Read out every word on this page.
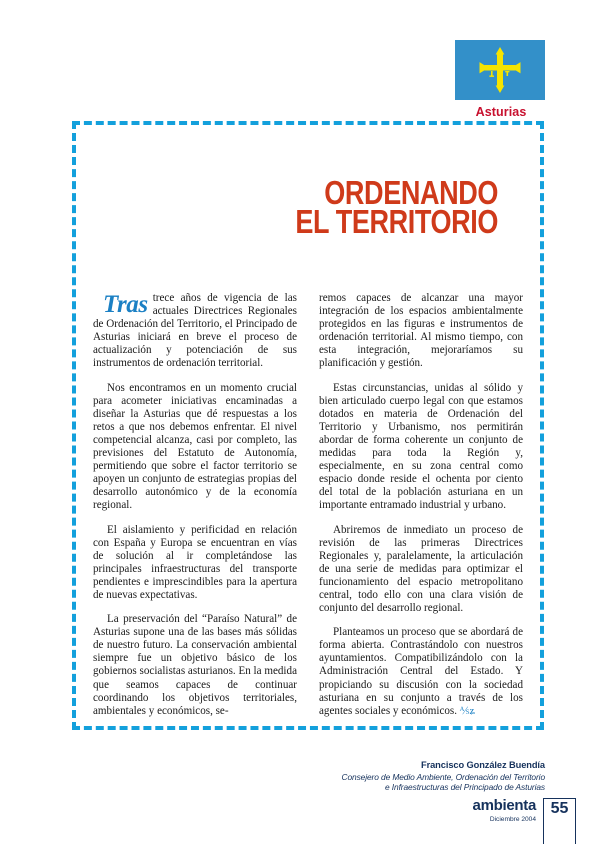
Asturias
ORDENANDO
EL TERRITORIO

Tras trece años de vigencia de las actuales Directrices Regionales de Ordenación del Territorio, el Principado de Asturias iniciará en breve el proceso de actualización y potenciación de sus instrumentos de ordenación territorial.

Nos encontramos en un momento crucial para acometer iniciativas encaminadas a diseñar la Asturias que dé respuestas a los retos a que nos debemos enfrentar. El nivel competencial alcanza, casi por completo, las previsiones del Estatuto de Autonomía, permitiendo que sobre el factor territorio se apoyen un conjunto de estrategias propias del desarrollo autonómico y de la economía regional.

El aislamiento y perificidad en relación con España y Europa se encuentran en vías de solución al ir completándose las principales infraestructuras del transporte pendientes e imprescindibles para la apertura de nuevas expectativas.

La preservación del “Paraíso Natural” de Asturias supone una de las bases más sólidas de nuestro futuro. La conservación ambiental siempre fue un objetivo básico de los gobiernos socialistas asturianos. En la medida que seamos capaces de continuar coordinando los objetivos territoriales, ambientales y económicos, se-

remos capaces de alcanzar una mayor integración de los espacios ambientalmente protegidos en las figuras e instrumentos de ordenación territorial. Al mismo tiempo, con esta integración, mejoraríamos su planificación y gestión.

Estas circunstancias, unidas al sólido y bien articulado cuerpo legal con que estamos dotados en materia de Ordenación del Territorio y Urbanismo, nos permitirán abordar de forma coherente un conjunto de medidas para toda la Región y, especialmente, en su zona central como espacio donde reside el ochenta por ciento del total de la población asturiana en un importante entramado industrial y urbano.

Abriremos de inmediato un proceso de revisión de las primeras Directrices Regionales y, paralelamente, la articulación de una serie de medidas para optimizar el funcionamiento del espacio metropolitano central, todo ello con una clara visión de conjunto del desarrollo regional.

Planteamos un proceso que se abordará de forma abierta. Contrastándolo con nuestros ayuntamientos. Compatibilizándolo con la Administración Central del Estado. Y propiciando su discusión con la sociedad asturiana en su conjunto a través de los agentes sociales y económicos. ⅍ʑ

Francisco González Buendía
Consejero de Medio Ambiente, Ordenación del Territorio
e Infraestructuras del Principado de Asturias
ambienta
Diciembre 2004
55
